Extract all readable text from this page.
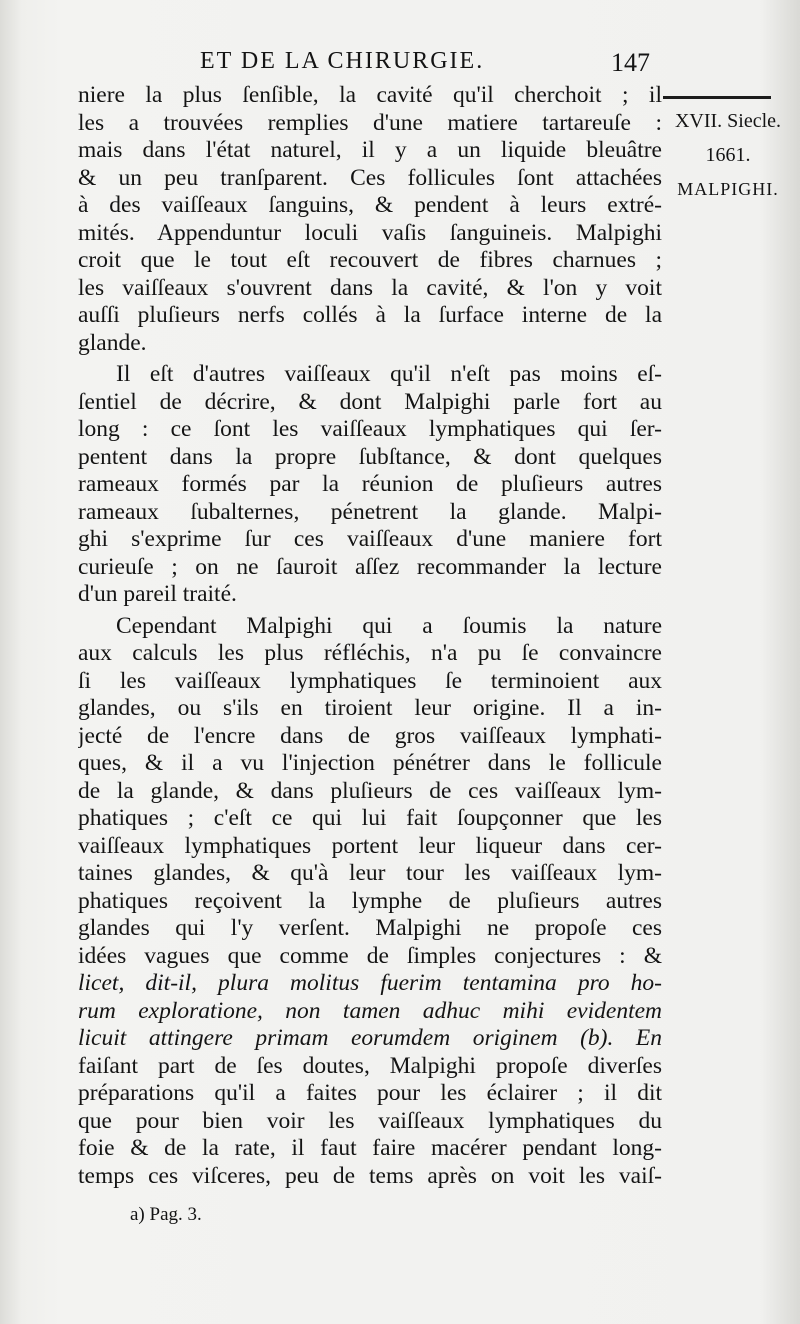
ET DE LA CHIRURGIE.	147
XVII. Siecle.
1661.
MALPIGHI.
niere la plus ſenſible, la cavité qu'il cherchoit ; il
les a trouvées remplies d'une matiere tartareuſe :
mais dans l'état naturel, il y a un liquide bleuâtre
& un peu tranſparent. Ces follicules ſont attachées
à des vaiſſeaux ſanguins, & pendent à leurs extré-
mités. Appenduntur loculi vaſis ſanguineis. Malpighi
croit que le tout eſt recouvert de fibres charnues ;
les vaiſſeaux s'ouvrent dans la cavité, & l'on y voit
auſſi pluſieurs nerfs collés à la ſurface interne de la
glande.
Il eſt d'autres vaiſſeaux qu'il n'eſt pas moins eſ-
ſentiel de décrire, & dont Malpighi parle fort au
long : ce ſont les vaiſſeaux lymphatiques qui ſer-
pentent dans la propre ſubſtance, & dont quelques
rameaux formés par la réunion de pluſieurs autres
rameaux ſubalternes, pénetrent la glande. Malpi-
ghi s'exprime ſur ces vaiſſeaux d'une maniere fort
curieuſe ; on ne ſauroit aſſez recommander la lecture
d'un pareil traité.
Cependant Malpighi qui a ſoumis la nature
aux calculs les plus réfléchis, n'a pu ſe convaincre
ſi les vaiſſeaux lymphatiques ſe terminoient aux
glandes, ou s'ils en tiroient leur origine. Il a in-
jecté de l'encre dans de gros vaiſſeaux lymphati-
ques, & il a vu l'injection pénétrer dans le follicule
de la glande, & dans pluſieurs de ces vaiſſeaux lym-
phatiques ; c'eſt ce qui lui fait ſoupçonner que les
vaiſſeaux lymphatiques portent leur liqueur dans cer-
taines glandes, & qu'à leur tour les vaiſſeaux lym-
phatiques reçoivent la lymphe de pluſieurs autres
glandes qui l'y verſent. Malpighi ne propoſe ces
idées vagues que comme de ſimples conjectures : &
licet, dit-il, plura molitus fuerim tentamina pro ho-
rum exploratione, non tamen adhuc mihi evidentem
licuit attingere primam eorumdem originem (b). En
faiſant part de ſes doutes, Malpighi propoſe diverſes
préparations qu'il a faites pour les éclairer ; il dit
que pour bien voir les vaiſſeaux lymphatiques du
foie & de la rate, il faut faire macérer pendant long-
temps ces viſceres, peu de tems après on voit les vaiſ-
a) Pag. 3.
